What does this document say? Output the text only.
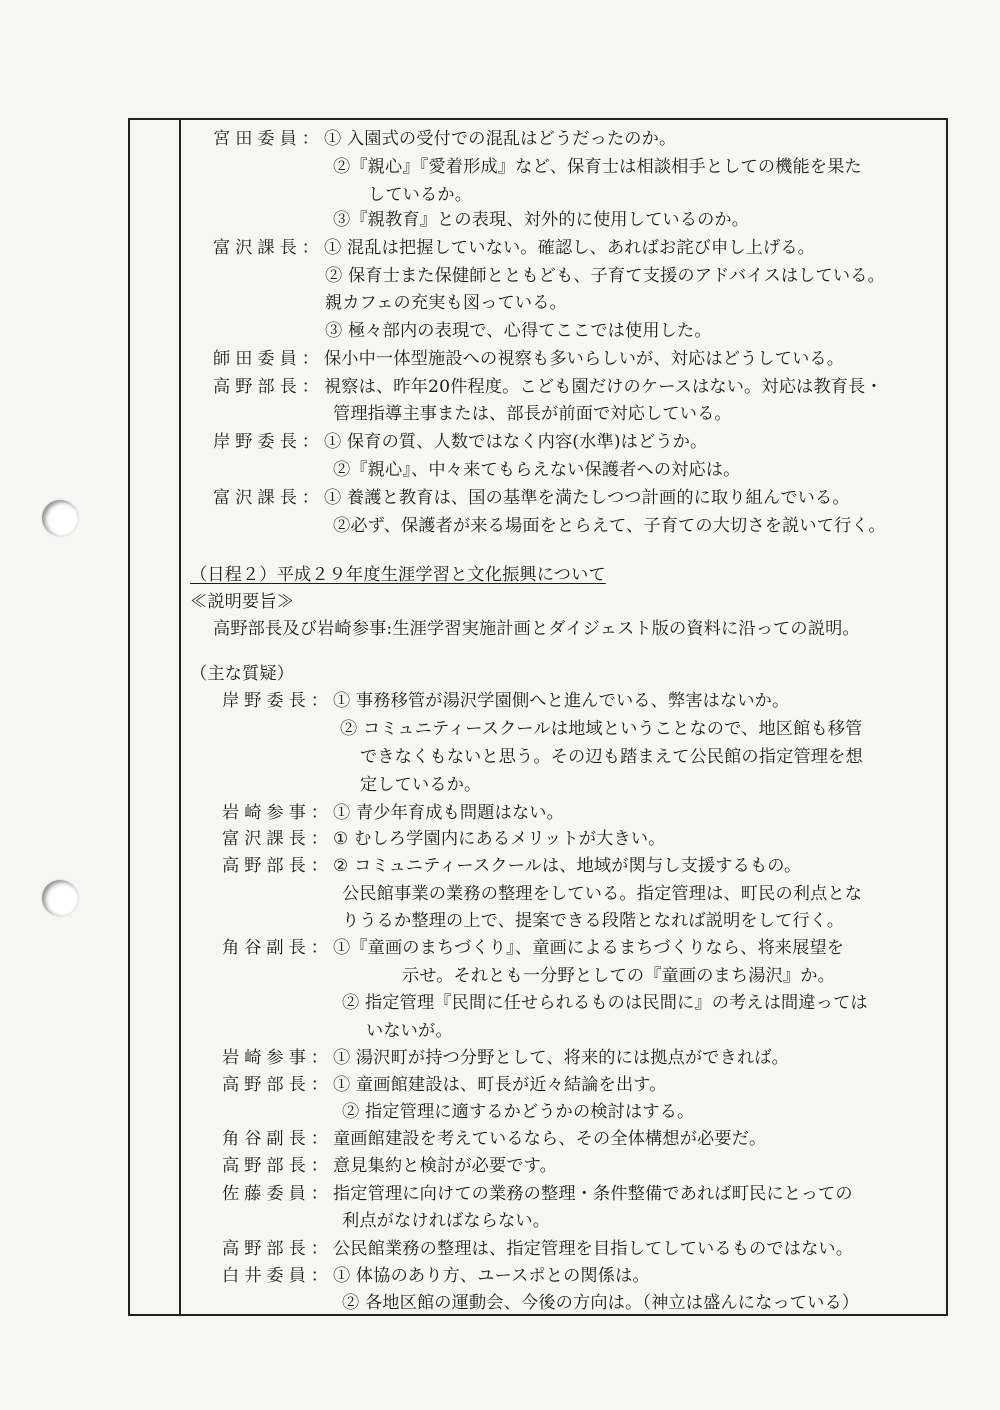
宮田委員：① 入園式の受付での混乱はどうだったのか。
②『親心』『愛着形成』など、保育士は相談相手としての機能を果た
しているか。
③『親教育』との表現、対外的に使用しているのか。
富沢課長：① 混乱は把握していない。確認し、あればお詫び申し上げる。
② 保育士また保健師とともども、子育て支援のアドバイスはしている。
親カフェの充実も図っている。
③ 極々部内の表現で、心得てここでは使用した。
師田委員：保小中一体型施設への視察も多いらしいが、対応はどうしている。
高野部長：視察は、昨年20件程度。こども園だけのケースはない。対応は教育長・
管理指導主事または、部長が前面で対応している。
岸野委長：① 保育の質、人数ではなく内容(水準)はどうか。
②『親心』、中々来てもらえない保護者への対応は。
富沢課長：① 養護と教育は、国の基準を満たしつつ計画的に取り組んでいる。
②必ず、保護者が来る場面をとらえて、子育ての大切さを説いて行く。
（日程２）平成２９年度生涯学習と文化振興について
≪説明要旨≫
高野部長及び岩崎参事:生涯学習実施計画とダイジェスト版の資料に沿っての説明。
（主な質疑）
岸野委長：① 事務移管が湯沢学園側へと進んでいる、弊害はないか。
② コミュニティースクールは地域ということなので、地区館も移管
できなくもないと思う。その辺も踏まえて公民館の指定管理を想
定しているか。
岩崎参事：① 青少年育成も問題はない。
富沢課長：① むしろ学園内にあるメリットが大きい。
高野部長：② コミュニティースクールは、地域が関与し支援するもの。
公民館事業の業務の整理をしている。指定管理は、町民の利点とな
りうるか整理の上で、提案できる段階となれば説明をして行く。
角谷副長：①『童画のまちづくり』、童画によるまちづくりなら、将来展望を
示せ。それとも一分野としての『童画のまち湯沢』か。
② 指定管理『民間に任せられるものは民間に』の考えは間違っては
いないが。
岩崎参事：① 湯沢町が持つ分野として、将来的には拠点ができれば。
高野部長：① 童画館建設は、町長が近々結論を出す。
② 指定管理に適するかどうかの検討はする。
角谷副長：童画館建設を考えているなら、その全体構想が必要だ。
高野部長：意見集約と検討が必要です。
佐藤委員：指定管理に向けての業務の整理・条件整備であれば町民にとっての
利点がなければならない。
高野部長：公民館業務の整理は、指定管理を目指してしているものではない。
白井委員：① 体協のあり方、ユースポとの関係は。
② 各地区館の運動会、今後の方向は。（神立は盛んになっている）
